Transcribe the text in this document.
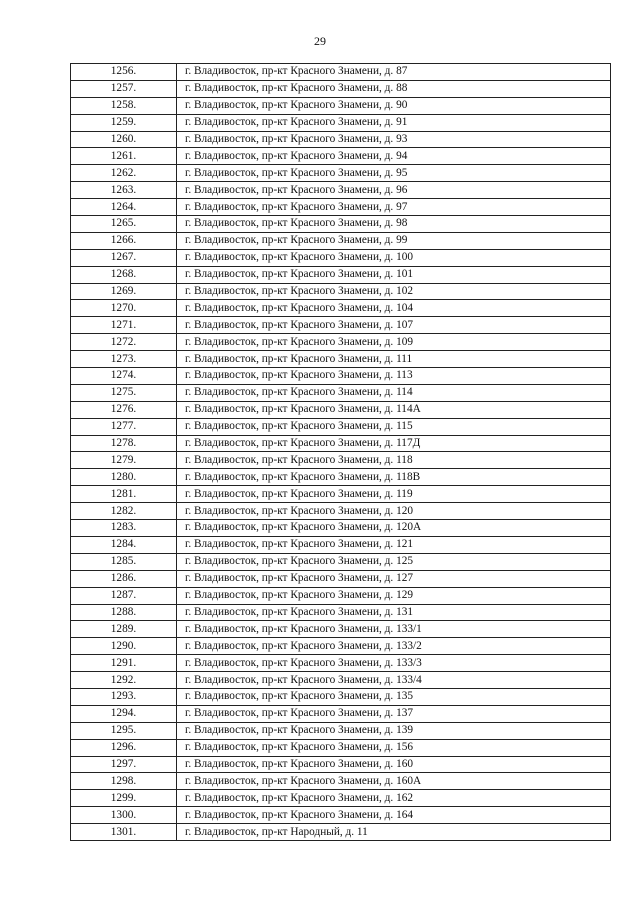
29
1256.	г. Владивосток, пр-кт Красного Знамени, д. 87
1257.	г. Владивосток, пр-кт Красного Знамени, д. 88
1258.	г. Владивосток, пр-кт Красного Знамени, д. 90
1259.	г. Владивосток, пр-кт Красного Знамени, д. 91
1260.	г. Владивосток, пр-кт Красного Знамени, д. 93
1261.	г. Владивосток, пр-кт Красного Знамени, д. 94
1262.	г. Владивосток, пр-кт Красного Знамени, д. 95
1263.	г. Владивосток, пр-кт Красного Знамени, д. 96
1264.	г. Владивосток, пр-кт Красного Знамени, д. 97
1265.	г. Владивосток, пр-кт Красного Знамени, д. 98
1266.	г. Владивосток, пр-кт Красного Знамени, д. 99
1267.	г. Владивосток, пр-кт Красного Знамени, д. 100
1268.	г. Владивосток, пр-кт Красного Знамени, д. 101
1269.	г. Владивосток, пр-кт Красного Знамени, д. 102
1270.	г. Владивосток, пр-кт Красного Знамени, д. 104
1271.	г. Владивосток, пр-кт Красного Знамени, д. 107
1272.	г. Владивосток, пр-кт Красного Знамени, д. 109
1273.	г. Владивосток, пр-кт Красного Знамени, д. 111
1274.	г. Владивосток, пр-кт Красного Знамени, д. 113
1275.	г. Владивосток, пр-кт Красного Знамени, д. 114
1276.	г. Владивосток, пр-кт Красного Знамени, д. 114А
1277.	г. Владивосток, пр-кт Красного Знамени, д. 115
1278.	г. Владивосток, пр-кт Красного Знамени, д. 117Д
1279.	г. Владивосток, пр-кт Красного Знамени, д. 118
1280.	г. Владивосток, пр-кт Красного Знамени, д. 118В
1281.	г. Владивосток, пр-кт Красного Знамени, д. 119
1282.	г. Владивосток, пр-кт Красного Знамени, д. 120
1283.	г. Владивосток, пр-кт Красного Знамени, д. 120А
1284.	г. Владивосток, пр-кт Красного Знамени, д. 121
1285.	г. Владивосток, пр-кт Красного Знамени, д. 125
1286.	г. Владивосток, пр-кт Красного Знамени, д. 127
1287.	г. Владивосток, пр-кт Красного Знамени, д. 129
1288.	г. Владивосток, пр-кт Красного Знамени, д. 131
1289.	г. Владивосток, пр-кт Красного Знамени, д. 133/1
1290.	г. Владивосток, пр-кт Красного Знамени, д. 133/2
1291.	г. Владивосток, пр-кт Красного Знамени, д. 133/3
1292.	г. Владивосток, пр-кт Красного Знамени, д. 133/4
1293.	г. Владивосток, пр-кт Красного Знамени, д. 135
1294.	г. Владивосток, пр-кт Красного Знамени, д. 137
1295.	г. Владивосток, пр-кт Красного Знамени, д. 139
1296.	г. Владивосток, пр-кт Красного Знамени, д. 156
1297.	г. Владивосток, пр-кт Красного Знамени, д. 160
1298.	г. Владивосток, пр-кт Красного Знамени, д. 160А
1299.	г. Владивосток, пр-кт Красного Знамени, д. 162
1300.	г. Владивосток, пр-кт Красного Знамени, д. 164
1301.	г. Владивосток, пр-кт Народный, д. 11
